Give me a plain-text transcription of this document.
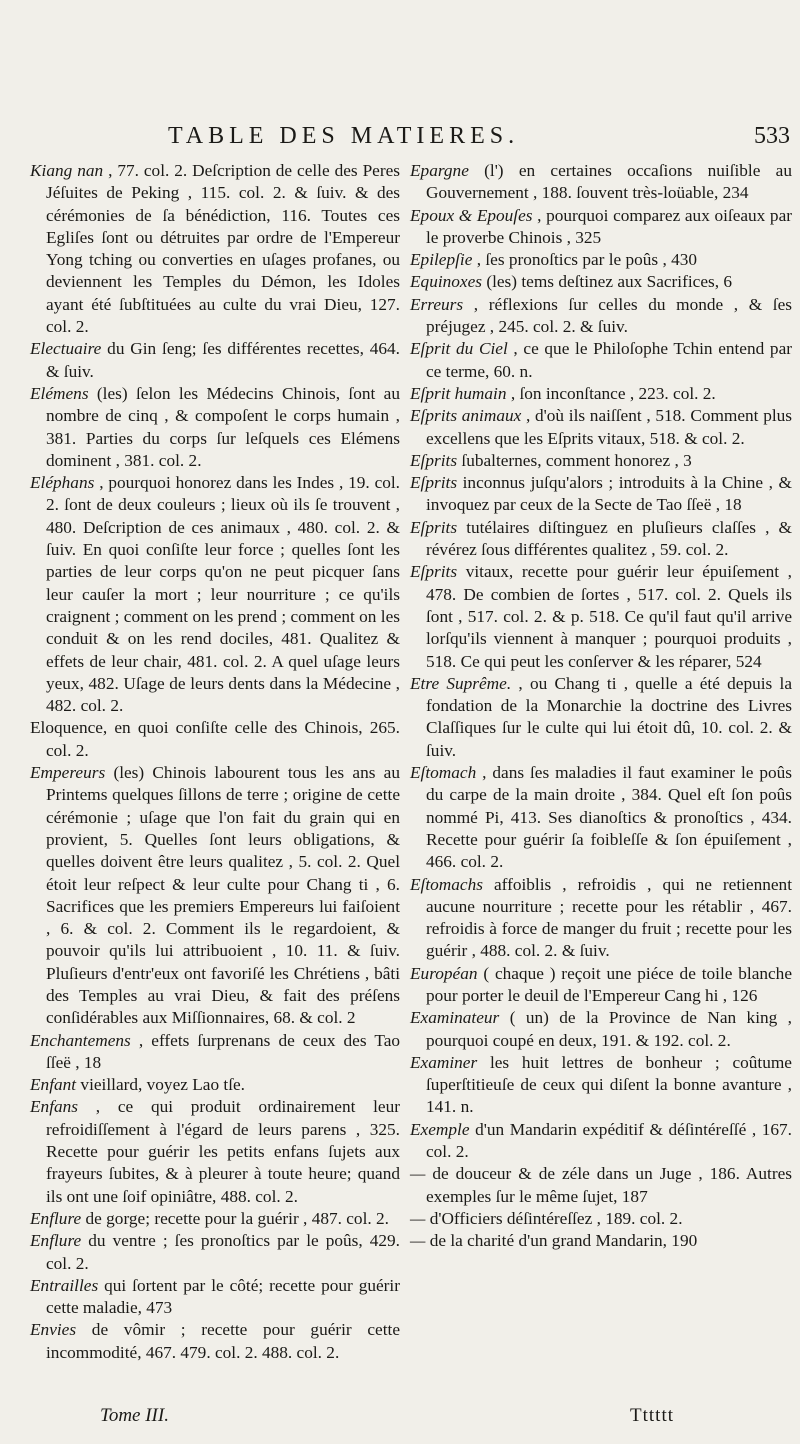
TABLE DES MATIERES.	533

Kiang nan , 77. col. 2. Deſcription de celle des Peres Jéſuites de Peking , 115. col. 2. & ſuiv. & des cérémonies de ſa bénédiction, 116. Toutes ces Egliſes ſont ou détruites par ordre de l'Empereur Yong tching ou converties en uſages profanes, ou deviennent les Temples du Démon, les Idoles ayant été ſubſtituées au culte du vrai Dieu, 127. col. 2.

Electuaire du Gin ſeng; ſes différentes recettes, 464. & ſuiv.

Elémens (les) ſelon les Médecins Chinois, ſont au nombre de cinq , & compoſent le corps humain , 381. Parties du corps ſur leſquels ces Elémens dominent , 381. col. 2.

Eléphans , pourquoi honorez dans les Indes , 19. col. 2. ſont de deux couleurs ; lieux où ils ſe trouvent , 480. Deſcription de ces animaux , 480. col. 2. & ſuiv. En quoi conſiſte leur force ; quelles ſont les parties de leur corps qu'on ne peut picquer ſans leur cauſer la mort ; leur nourriture ; ce qu'ils craignent ; comment on les prend ; comment on les conduit & on les rend dociles, 481. Qualitez & effets de leur chair, 481. col. 2. A quel uſage leurs yeux, 482. Uſage de leurs dents dans la Médecine , 482. col. 2.

Eloquence, en quoi conſiſte celle des Chinois, 265. col. 2.

Empereurs (les) Chinois labourent tous les ans au Printems quelques ſillons de terre ; origine de cette cérémonie ; uſage que l'on fait du grain qui en provient, 5. Quelles ſont leurs obligations, & quelles doivent être leurs qualitez , 5. col. 2. Quel étoit leur reſpect & leur culte pour Chang ti , 6. Sacrifices que les premiers Empereurs lui faiſoient , 6. & col. 2. Comment ils le regardoient, & pouvoir qu'ils lui attribuoient , 10. 11. & ſuiv. Pluſieurs d'entr'eux ont favoriſé les Chrétiens , bâti des Temples au vrai Dieu, & fait des préſens conſidérables aux Miſſionnaires, 68. & col. 2

Enchantemens , effets ſurprenans de ceux des Tao ſſeë , 18

Enfant vieillard, voyez Lao tſe.

Enfans , ce qui produit ordinairement leur refroidiſſement à l'égard de leurs parens , 325. Recette pour guérir les petits enfans ſujets aux frayeurs ſubites, & à pleurer à toute heure; quand ils ont une ſoif opiniâtre, 488. col. 2.

Enflure de gorge; recette pour la guérir , 487. col. 2.

Enflure du ventre ; ſes pronoſtics par le poûs, 429. col. 2.

Entrailles qui ſortent par le côté; recette pour guérir cette maladie, 473

Envies de vômir ; recette pour guérir cette incommodité, 467. 479. col. 2. 488. col. 2.

Epargne (l') en certaines occaſions nuiſible au Gouvernement , 188. ſouvent très-loüable, 234

Epoux & Epouſes , pourquoi comparez aux oiſeaux par le proverbe Chinois , 325

Epilepſie , ſes pronoſtics par le poûs , 430

Equinoxes (les) tems deſtinez aux Sacrifices, 6

Erreurs , réflexions ſur celles du monde , & ſes préjugez , 245. col. 2. & ſuiv.

Eſprit du Ciel , ce que le Philoſophe Tchin entend par ce terme, 60. n.

Eſprit humain , ſon inconſtance , 223. col. 2.

Eſprits animaux , d'où ils naiſſent , 518. Comment plus excellens que les Eſprits vitaux, 518. & col. 2.

Eſprits ſubalternes, comment honorez , 3

Eſprits inconnus juſqu'alors ; introduits à la Chine , & invoquez par ceux de la Secte de Tao ſſeë , 18

Eſprits tutélaires diſtinguez en pluſieurs claſſes , & révérez ſous différentes qualitez , 59. col. 2.

Eſprits vitaux, recette pour guérir leur épuiſement , 478. De combien de ſortes , 517. col. 2. Quels ils ſont , 517. col. 2. & p. 518. Ce qu'il faut qu'il arrive lorſqu'ils viennent à manquer ; pourquoi produits , 518. Ce qui peut les conſerver & les réparer, 524

Etre Suprême. , ou Chang ti , quelle a été depuis la fondation de la Monarchie la doctrine des Livres Claſſiques ſur le culte qui lui étoit dû, 10. col. 2. & ſuiv.

Eſtomach , dans ſes maladies il faut examiner le poûs du carpe de la main droite , 384. Quel eſt ſon poûs nommé Pi, 413. Ses dianoſtics & pronoſtics , 434. Recette pour guérir ſa foibleſſe & ſon épuiſement , 466. col. 2.

Eſtomachs affoiblis , refroidis , qui ne retiennent aucune nourriture ; recette pour les rétablir , 467. refroidis à force de manger du fruit ; recette pour les guérir , 488. col. 2. & ſuiv.

Européan ( chaque ) reçoit une piéce de toile blanche pour porter le deuil de l'Empereur Cang hi , 126

Examinateur ( un) de la Province de Nan king , pourquoi coupé en deux, 191. & 192. col. 2.

Examiner les huit lettres de bonheur ; coûtume ſuperſtitieuſe de ceux qui diſent la bonne avanture , 141. n.

Exemple d'un Mandarin expéditif & déſintéreſſé , 167. col. 2.

— de douceur & de zéle dans un Juge , 186. Autres exemples ſur le même ſujet, 187

— d'Officiers déſintéreſſez , 189. col. 2.

— de la charité d'un grand Mandarin, 190

Tome III.	Tttttt
